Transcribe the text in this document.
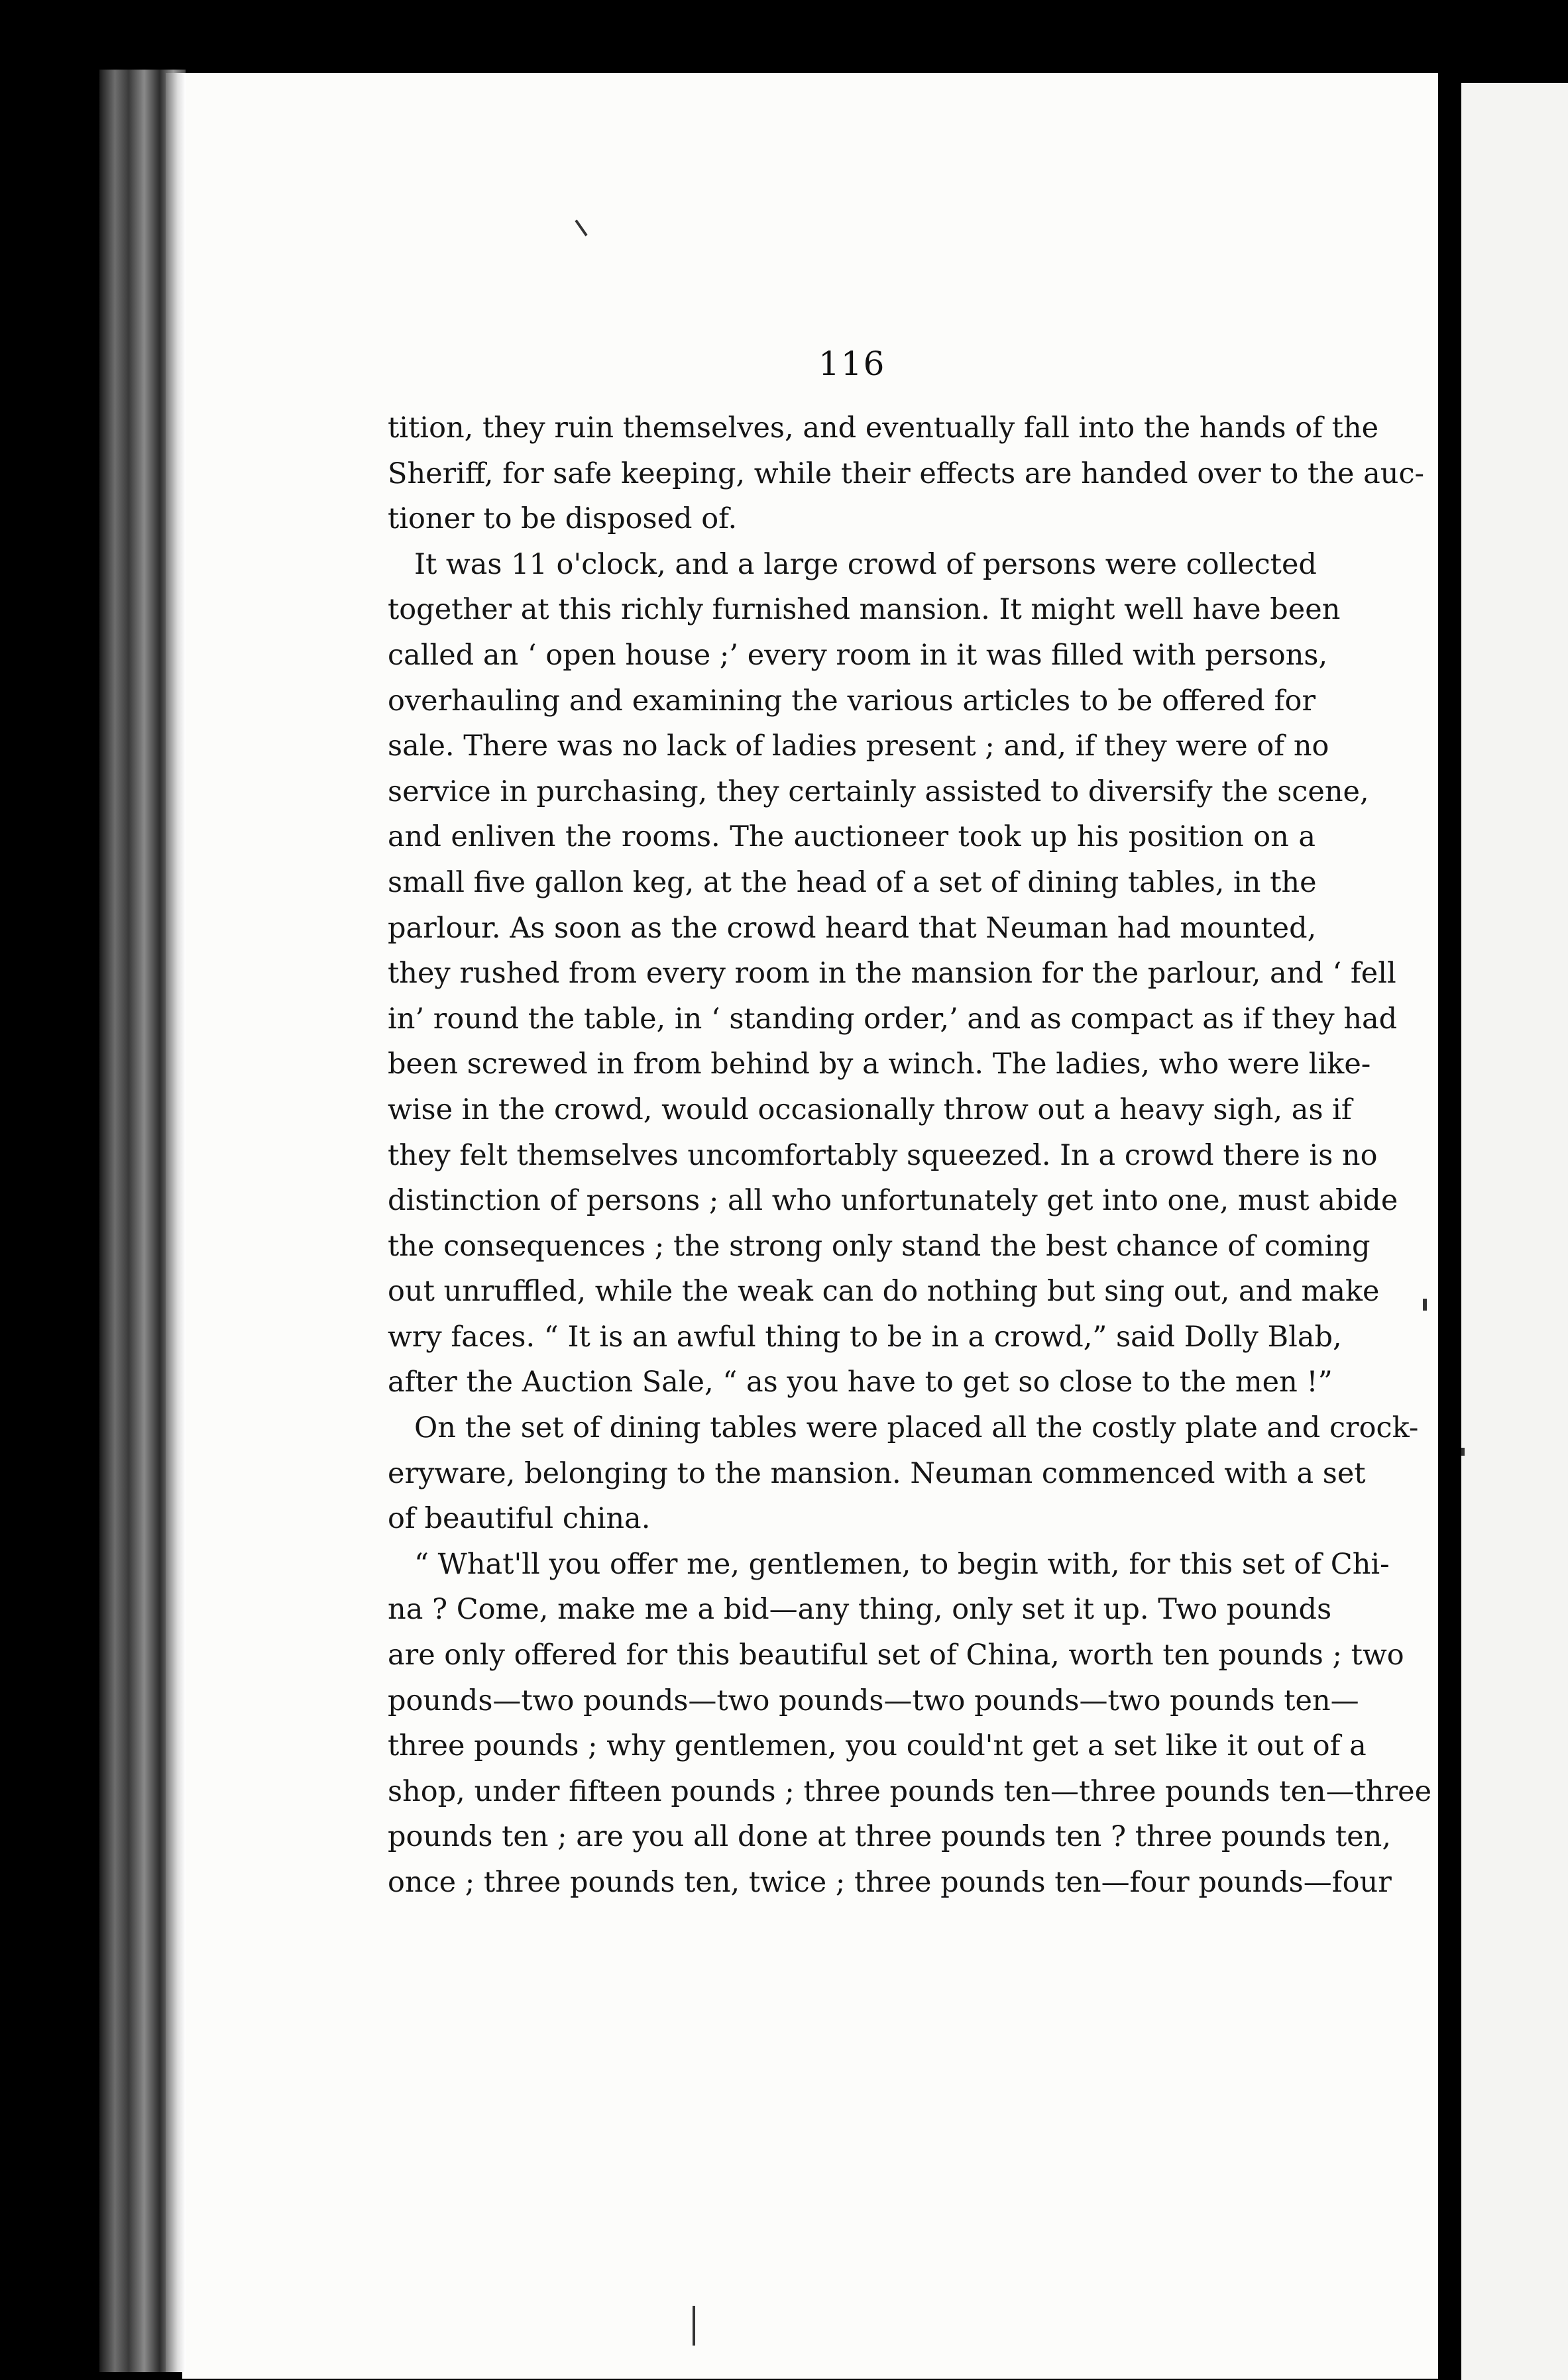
116
tition, they ruin themselves, and eventually fall into the hands of the
Sheriff, for safe keeping, while their effects are handed over to the auc-
tioner to be disposed of.
It was 11 o'clock, and a large crowd of persons were collected
together at this richly furnished mansion. It might well have been
called an ‘ open house ;’ every room in it was filled with persons,
overhauling and examining the various articles to be offered for
sale. There was no lack of ladies present ; and, if they were of no
service in purchasing, they certainly assisted to diversify the scene,
and enliven the rooms. The auctioneer took up his position on a
small five gallon keg, at the head of a set of dining tables, in the
parlour. As soon as the crowd heard that Neuman had mounted,
they rushed from every room in the mansion for the parlour, and ‘ fell
in’ round the table, in ‘ standing order,’ and as compact as if they had
been screwed in from behind by a winch. The ladies, who were like-
wise in the crowd, would occasionally throw out a heavy sigh, as if
they felt themselves uncomfortably squeezed. In a crowd there is no
distinction of persons ; all who unfortunately get into one, must abide
the consequences ; the strong only stand the best chance of coming
out unruffled, while the weak can do nothing but sing out, and make
wry faces. “ It is an awful thing to be in a crowd,” said Dolly Blab,
after the Auction Sale, “ as you have to get so close to the men !”
On the set of dining tables were placed all the costly plate and crock-
eryware, belonging to the mansion. Neuman commenced with a set
of beautiful china.
“ What'll you offer me, gentlemen, to begin with, for this set of Chi-
na ? Come, make me a bid—any thing, only set it up. Two pounds
are only offered for this beautiful set of China, worth ten pounds ; two
pounds—two pounds—two pounds—two pounds—two pounds ten—
three pounds ; why gentlemen, you could'nt get a set like it out of a
shop, under fifteen pounds ; three pounds ten—three pounds ten—three
pounds ten ; are you all done at three pounds ten ? three pounds ten,
once ; three pounds ten, twice ; three pounds ten—four pounds—four
